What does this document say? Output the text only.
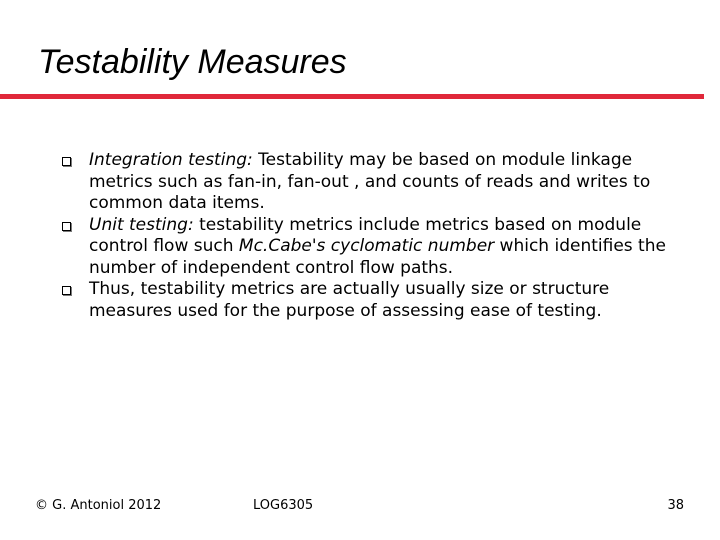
Testability Measures
Integration testing: Testability may be based on module linkage metrics such as fan‑in, fan‑out , and counts of reads and writes to common data items.
Unit testing: testability metrics include metrics based on module control flow such Mc.Cabe's cyclomatic number which identifies the number of independent control flow paths.
Thus, testability metrics are actually usually size or structure measures used for the purpose of assessing ease of testing.
© G. Antoniol 2012	LOG6305	38
